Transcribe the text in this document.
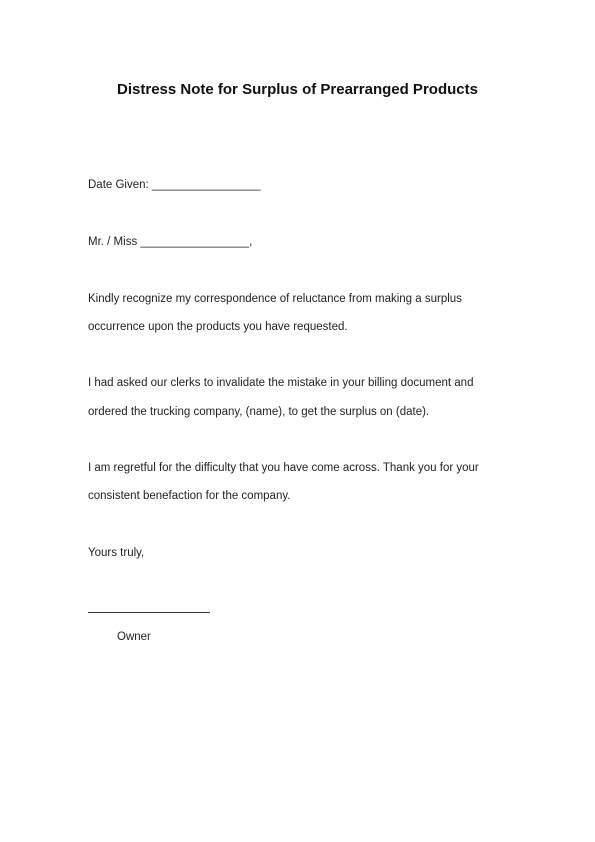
Distress Note for Surplus of Prearranged Products
Date Given: _________________
Mr. / Miss _________________,
Kindly recognize my correspondence of reluctance from making a surplus
occurrence upon the products you have requested.
I had asked our clerks to invalidate the mistake in your billing document and
ordered the trucking company, (name), to get the surplus on (date).
I am regretful for the difficulty that you have come across. Thank you for your
consistent benefaction for the company.
Yours truly,
Owner
